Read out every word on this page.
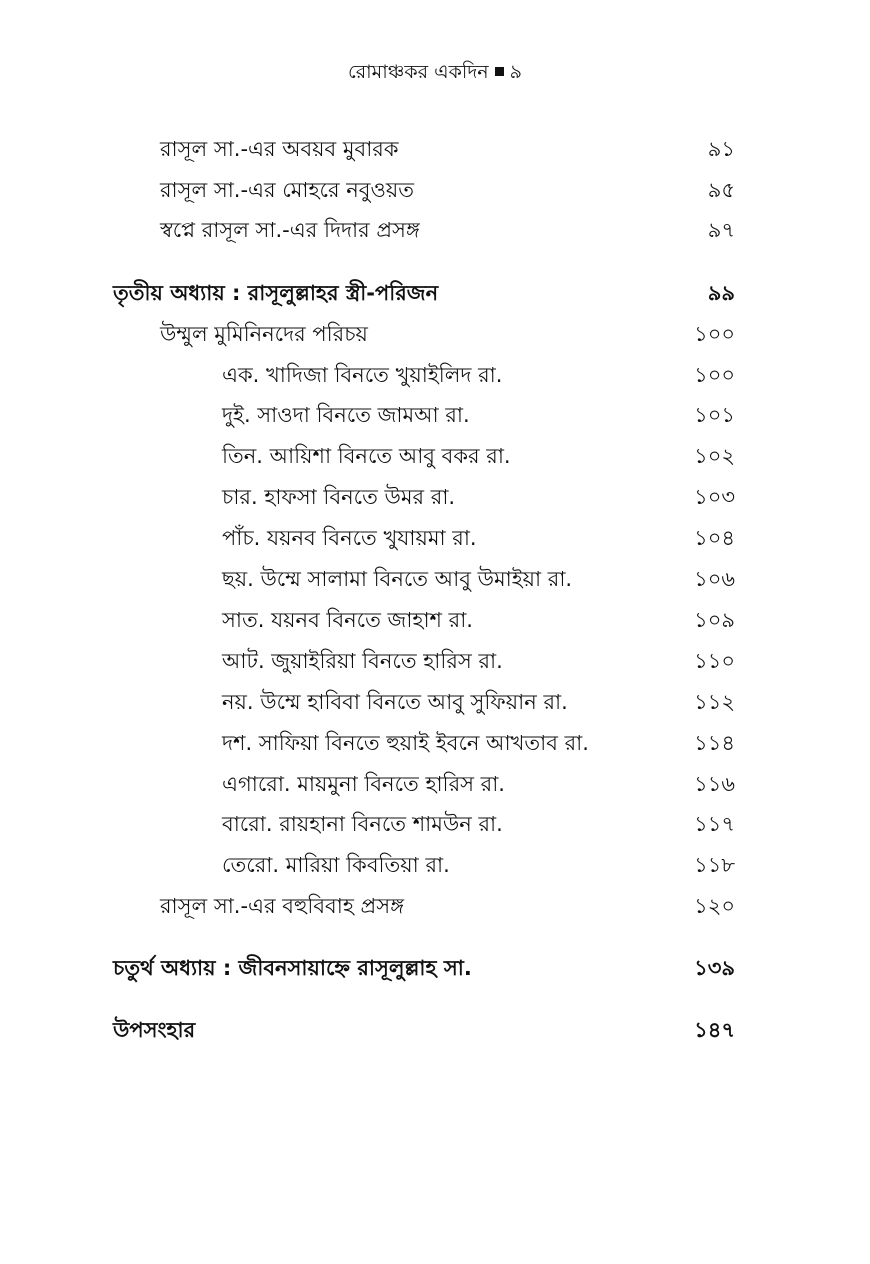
রোমাঞ্চকর একদিন ৯
রাসূল সা.-এর অবয়ব মুবারক	৯১
রাসূল সা.-এর মোহরে নবুওয়ত	৯৫
স্বপ্নে রাসূল সা.-এর দিদার প্রসঙ্গ	৯৭
তৃতীয় অধ্যায় : রাসূলুল্লাহর স্ত্রী-পরিজন	৯৯
উম্মুল মুমিনিনদের পরিচয়	১০০
এক. খাদিজা বিনতে খুয়াইলিদ রা.	১০০
দুই. সাওদা বিনতে জামআ রা.	১০১
তিন. আয়িশা বিনতে আবু বকর রা.	১০২
চার. হাফসা বিনতে উমর রা.	১০৩
পাঁচ. যয়নব বিনতে খুযায়মা রা.	১০৪
ছয়. উম্মে সালামা বিনতে আবু উমাইয়া রা.	১০৬
সাত. যয়নব বিনতে জাহাশ রা.	১০৯
আট. জুয়াইরিয়া বিনতে হারিস রা.	১১০
নয়. উম্মে হাবিবা বিনতে আবু সুফিয়ান রা.	১১২
দশ. সাফিয়া বিনতে হুয়াই ইবনে আখতাব রা.	১১৪
এগারো. মায়মুনা বিনতে হারিস রা.	১১৬
বারো. রায়হানা বিনতে শামউন রা.	১১৭
তেরো. মারিয়া কিবতিয়া রা.	১১৮
রাসূল সা.-এর বহুবিবাহ প্রসঙ্গ	১২০
চতুর্থ অধ্যায় : জীবনসায়াহ্নে রাসূলুল্লাহ সা.	১৩৯
উপসংহার	১৪৭
